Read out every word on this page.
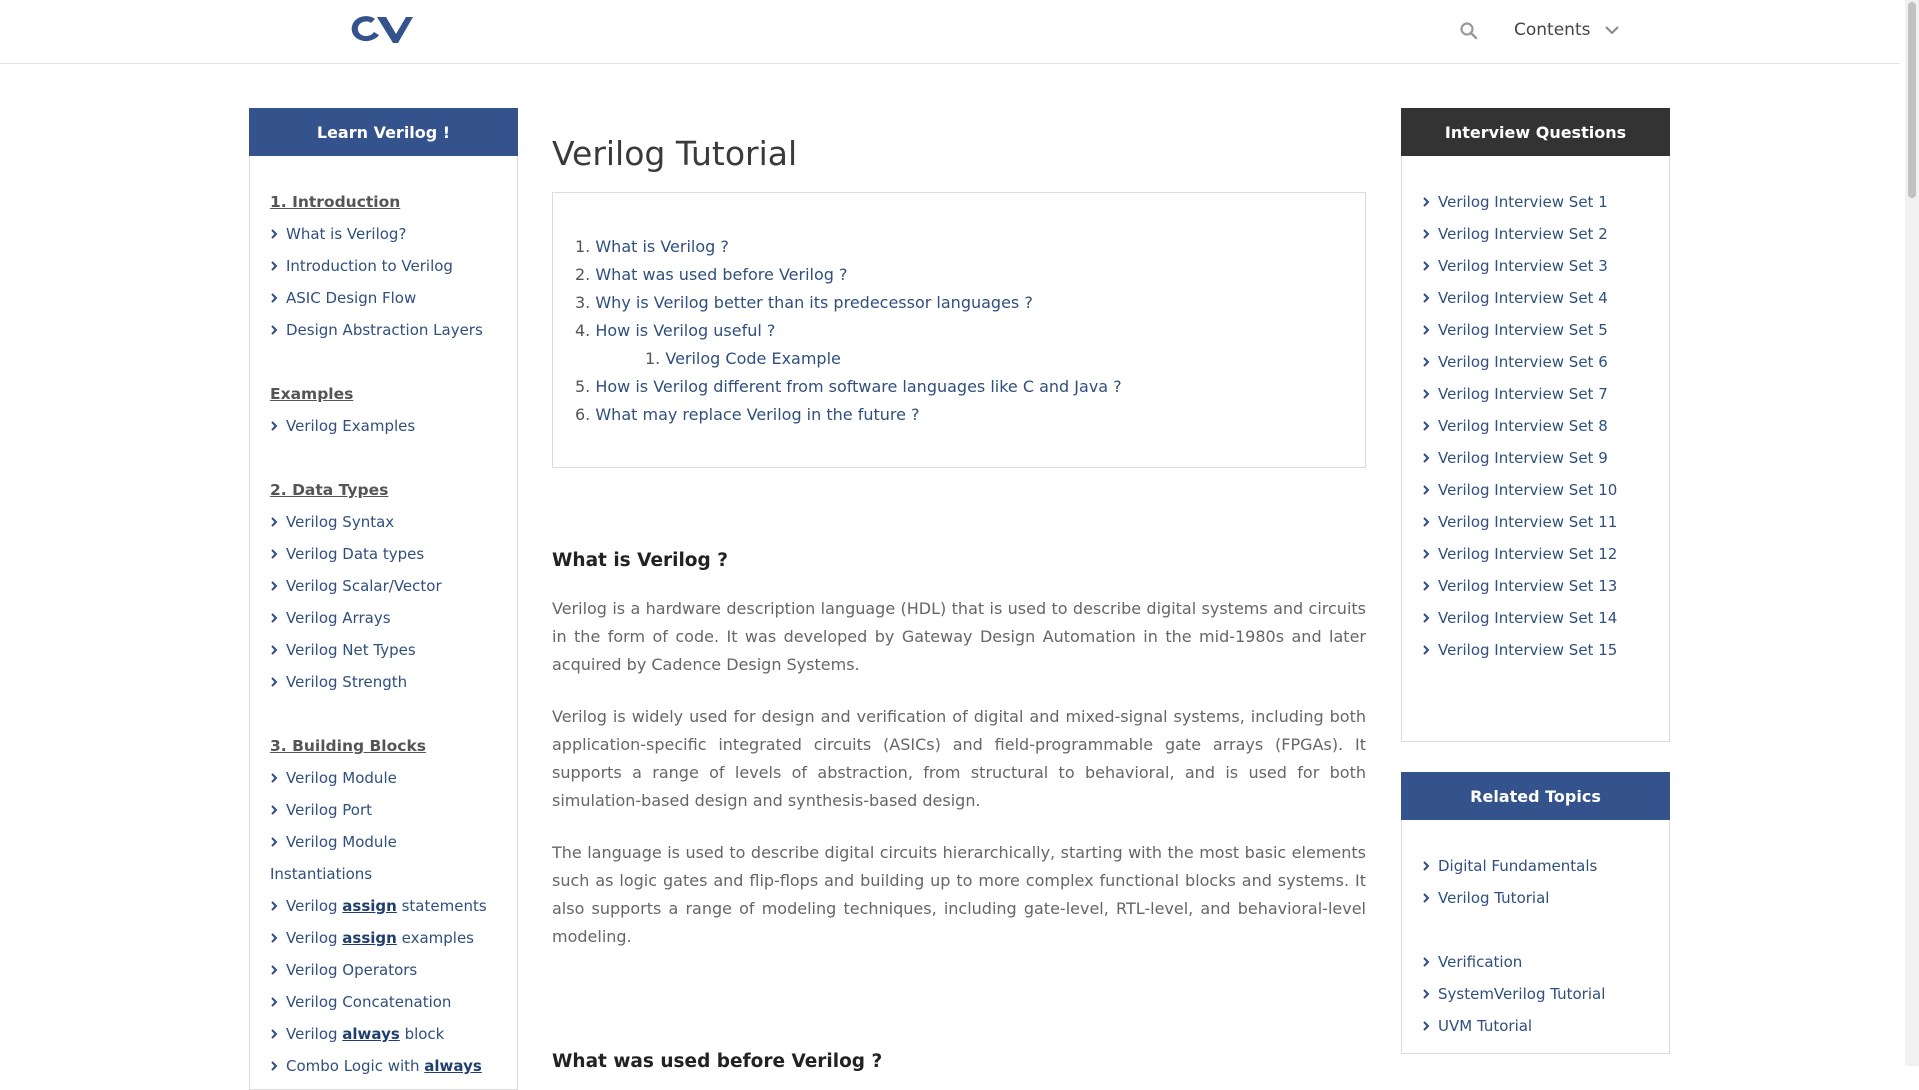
Contents
Learn Verilog !
1. Introduction
What is Verilog?
Introduction to Verilog
ASIC Design Flow
Design Abstraction Layers
Examples
Verilog Examples
2. Data Types
Verilog Syntax
Verilog Data types
Verilog Scalar/Vector
Verilog Arrays
Verilog Net Types
Verilog Strength
3. Building Blocks
Verilog Module
Verilog Port
Verilog Module
Instantiations
Verilog assign statements
Verilog assign examples
Verilog Operators
Verilog Concatenation
Verilog always block
Combo Logic with always
Verilog Tutorial
1. What is Verilog ?
2. What was used before Verilog ?
3. Why is Verilog better than its predecessor languages ?
4. How is Verilog useful ?
1. Verilog Code Example
5. How is Verilog different from software languages like C and Java ?
6. What may replace Verilog in the future ?
What is Verilog ?

Verilog is a hardware description language (HDL) that is used to describe digital systems and circuits in the form of code. It was developed by Gateway Design Automation in the mid-1980s and later acquired by Cadence Design Systems.

Verilog is widely used for design and verification of digital and mixed-signal systems, including both application-specific integrated circuits (ASICs) and field-programmable gate arrays (FPGAs). It supports a range of levels of abstraction, from structural to behavioral, and is used for both simulation-based design and synthesis-based design.

The language is used to describe digital circuits hierarchically, starting with the most basic elements such as logic gates and flip-flops and building up to more complex functional blocks and systems. It also supports a range of modeling techniques, including gate-level, RTL-level, and behavioral-level modeling.

What was used before Verilog ?
Interview Questions
Verilog Interview Set 1
Verilog Interview Set 2
Verilog Interview Set 3
Verilog Interview Set 4
Verilog Interview Set 5
Verilog Interview Set 6
Verilog Interview Set 7
Verilog Interview Set 8
Verilog Interview Set 9
Verilog Interview Set 10
Verilog Interview Set 11
Verilog Interview Set 12
Verilog Interview Set 13
Verilog Interview Set 14
Verilog Interview Set 15
Related Topics
Digital Fundamentals
Verilog Tutorial
Verification
SystemVerilog Tutorial
UVM Tutorial
